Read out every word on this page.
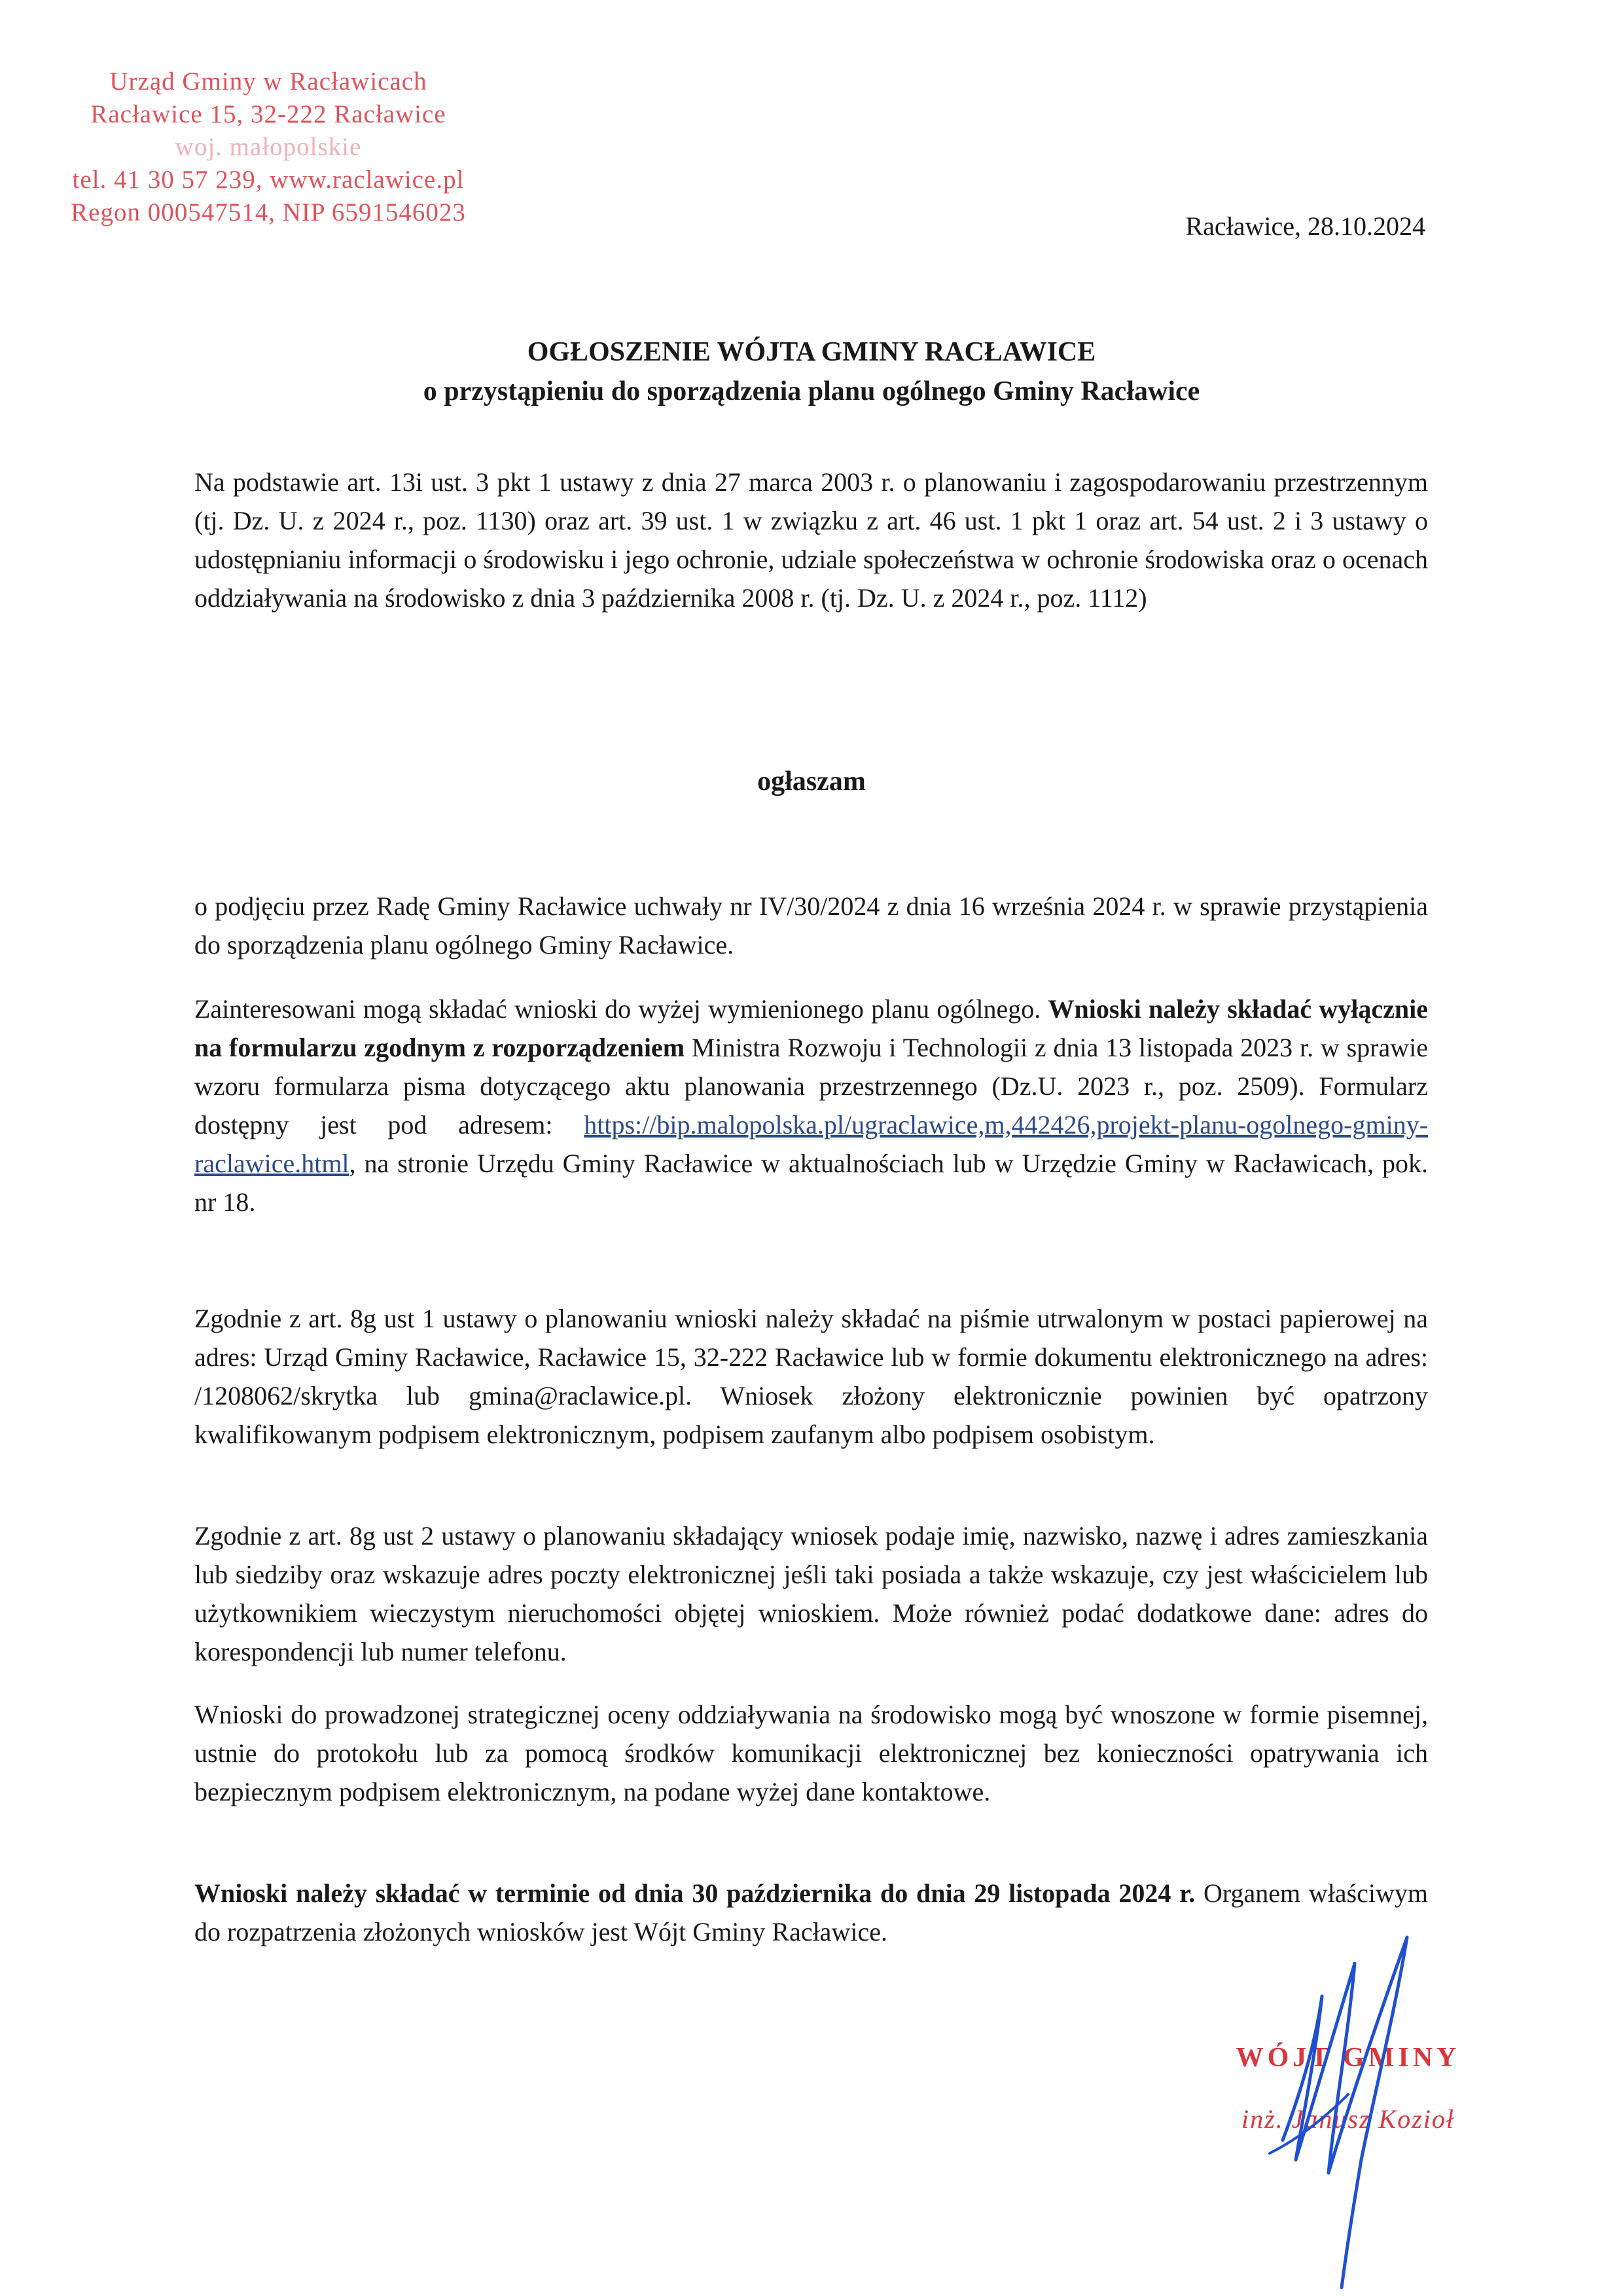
Urząd Gminy w Racławicach
Racławice 15, 32-222 Racławice
woj. małopolskie
tel. 41 30 57 239, www.raclawice.pl
Regon 000547514, NIP 6591546023	Racławice, 28.10.2024
OGŁOSZENIE WÓJTA GMINY RACŁAWICE
o przystąpieniu do sporządzenia planu ogólnego Gminy Racławice

Na podstawie art. 13i ust. 3 pkt 1 ustawy z dnia 27 marca 2003 r. o planowaniu i zagospodarowaniu przestrzennym (tj. Dz. U. z 2024 r., poz. 1130) oraz art. 39 ust. 1 w związku z art. 46 ust. 1 pkt 1 oraz art. 54 ust. 2 i 3 ustawy o udostępnianiu informacji o środowisku i jego ochronie, udziale społeczeństwa w ochronie środowiska oraz o ocenach oddziaływania na środowisko z dnia 3 października 2008 r. (tj. Dz. U. z 2024 r., poz. 1112)

ogłaszam

o podjęciu przez Radę Gminy Racławice uchwały nr IV/30/2024 z dnia 16 września 2024 r. w sprawie przystąpienia do sporządzenia planu ogólnego Gminy Racławice.

Zainteresowani mogą składać wnioski do wyżej wymienionego planu ogólnego. Wnioski należy składać wyłącznie na formularzu zgodnym z rozporządzeniem Ministra Rozwoju i Technologii z dnia 13 listopada 2023 r. w sprawie wzoru formularza pisma dotyczącego aktu planowania przestrzennego (Dz.U. 2023 r., poz. 2509). Formularz dostępny jest pod adresem: https://bip.malopolska.pl/ugraclawice,m,442426,projekt-planu-ogolnego-gminy-raclawice.html, na stronie Urzędu Gminy Racławice w aktualnościach lub w Urzędzie Gminy w Racławicach, pok. nr 18.

Zgodnie z art. 8g ust 1 ustawy o planowaniu wnioski należy składać na piśmie utrwalonym w postaci papierowej na adres: Urząd Gminy Racławice, Racławice 15, 32-222 Racławice lub w formie dokumentu elektronicznego na adres: /1208062/skrytka lub gmina@raclawice.pl. Wniosek złożony elektronicznie powinien być opatrzony kwalifikowanym podpisem elektronicznym, podpisem zaufanym albo podpisem osobistym.

Zgodnie z art. 8g ust 2 ustawy o planowaniu składający wniosek podaje imię, nazwisko, nazwę i adres zamieszkania lub siedziby oraz wskazuje adres poczty elektronicznej jeśli taki posiada a także wskazuje, czy jest właścicielem lub użytkownikiem wieczystym nieruchomości objętej wnioskiem. Może również podać dodatkowe dane: adres do korespondencji lub numer telefonu.

Wnioski do prowadzonej strategicznej oceny oddziaływania na środowisko mogą być wnoszone w formie pisemnej, ustnie do protokołu lub za pomocą środków komunikacji elektronicznej bez konieczności opatrywania ich bezpiecznym podpisem elektronicznym, na podane wyżej dane kontaktowe.

Wnioski należy składać w terminie od dnia 30 października do dnia 29 listopada 2024 r. Organem właściwym do rozpatrzenia złożonych wniosków jest Wójt Gminy Racławice.

WÓJT GMINY
inż. Janusz Kozioł
